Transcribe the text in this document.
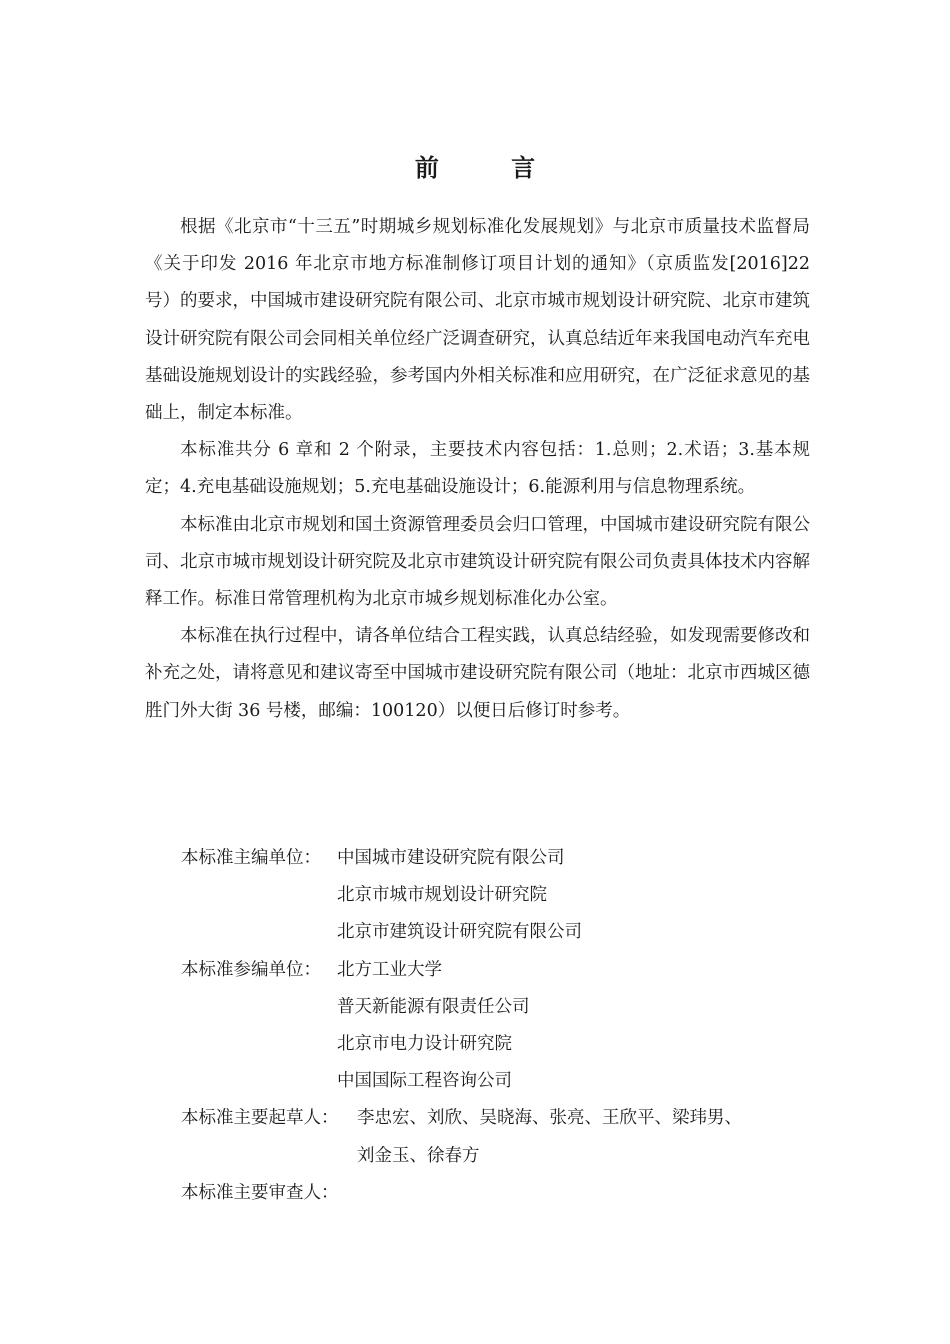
前 言

根据《北京市“十三五”时期城乡规划标准化发展规划》与北京市质量技术监督局《关于印发 2016 年北京市地方标准制修订项目计划的通知》（京质监发[2016]22 号）的要求，中国城市建设研究院有限公司、北京市城市规划设计研究院、北京市建筑设计研究院有限公司会同相关单位经广泛调查研究，认真总结近年来我国电动汽车充电基础设施规划设计的实践经验，参考国内外相关标准和应用研究，在广泛征求意见的基础上，制定本标准。

本标准共分 6 章和 2 个附录，主要技术内容包括：1.总则；2.术语；3.基本规定；4.充电基础设施规划；5.充电基础设施设计；6.能源利用与信息物理系统。

本标准由北京市规划和国土资源管理委员会归口管理，中国城市建设研究院有限公司、北京市城市规划设计研究院及北京市建筑设计研究院有限公司负责具体技术内容解释工作。标准日常管理机构为北京市城乡规划标准化办公室。

本标准在执行过程中，请各单位结合工程实践，认真总结经验，如发现需要修改和补充之处，请将意见和建议寄至中国城市建设研究院有限公司（地址：北京市西城区德胜门外大街 36 号楼，邮编：100120）以便日后修订时参考。

本标准主编单位： 中国城市建设研究院有限公司
北京市城市规划设计研究院
北京市建筑设计研究院有限公司
本标准参编单位： 北方工业大学
普天新能源有限责任公司
北京市电力设计研究院
中国国际工程咨询公司
本标准主要起草人：	李忠宏、刘欣、吴晓海、张亮、王欣平、梁玮男、
刘金玉、徐春方
本标准主要审查人：
